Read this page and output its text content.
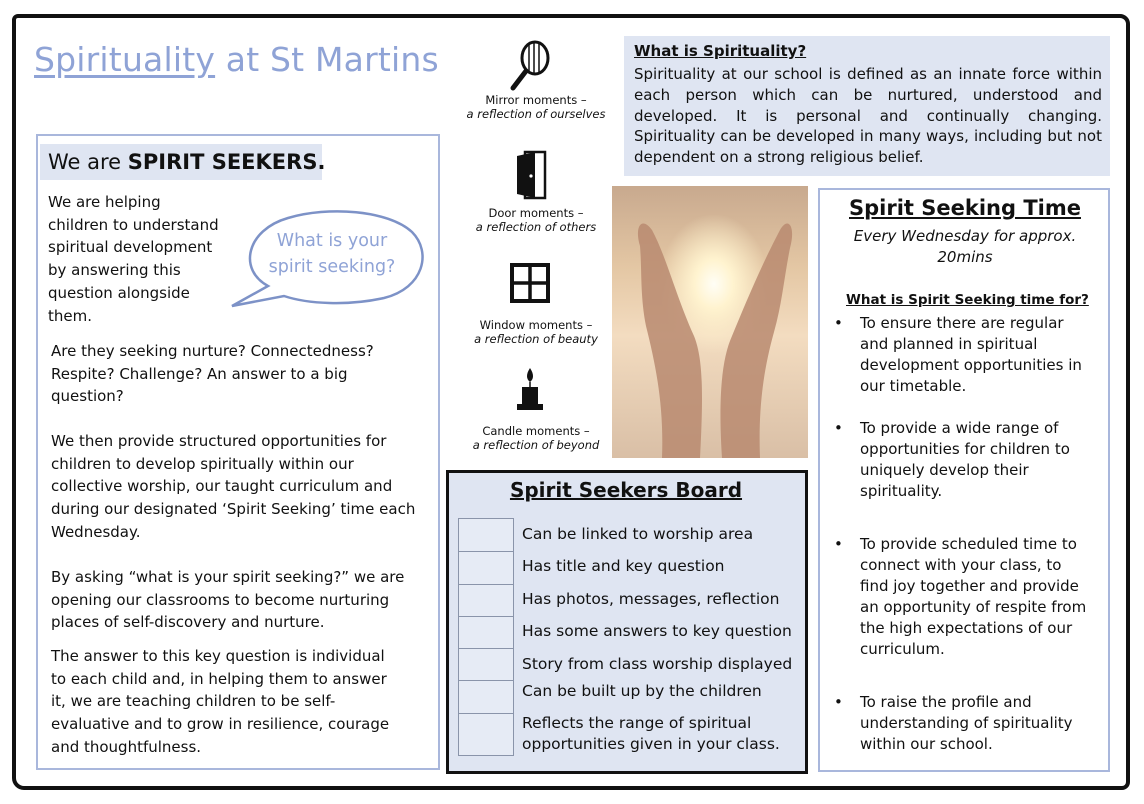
Spirituality at St Martins
We are SPIRIT SEEKERS.
We are helping
children to understand
spiritual development
by answering this
question alongside
them.
What is your
spirit seeking?
Are they seeking nurture? Connectedness?
Respite? Challenge? An answer to a big
question?
We then provide structured opportunities for
children to develop spiritually within our
collective worship, our taught curriculum and
during our designated ‘Spirit Seeking’ time each
Wednesday.
By asking “what is your spirit seeking?” we are
opening our classrooms to become nurturing
places of self-discovery and nurture.
The answer to this key question is individual
to each child and, in helping them to answer
it, we are teaching children to be self-
evaluative and to grow in resilience, courage
and thoughtfulness.
Mirror moments –
a reflection of ourselves
Door moments –
a reflection of others
Window moments –
a reflection of beauty
Candle moments –
a reflection of beyond
What is Spirituality?
Spirituality at our school is defined as an innate force within each person which can be nurtured, understood and developed. It is personal and continually changing. Spirituality can be developed in many ways, including but not dependent on a strong religious belief.
Spirit Seekers Board
Can be linked to worship area
Has title and key question
Has photos, messages, reflection
Has some answers to key question
Story from class worship displayed
Can be built up by the children
Reflects the range of spiritual
opportunities given in your class.
Spirit Seeking Time
Every Wednesday for approx.
20mins
What is Spirit Seeking time for?
• To ensure there are regular
and planned in spiritual
development opportunities in
our timetable.
• To provide a wide range of
opportunities for children to
uniquely develop their
spirituality.
• To provide scheduled time to
connect with your class, to
find joy together and provide
an opportunity of respite from
the high expectations of our
curriculum.
• To raise the profile and
understanding of spirituality
within our school.
